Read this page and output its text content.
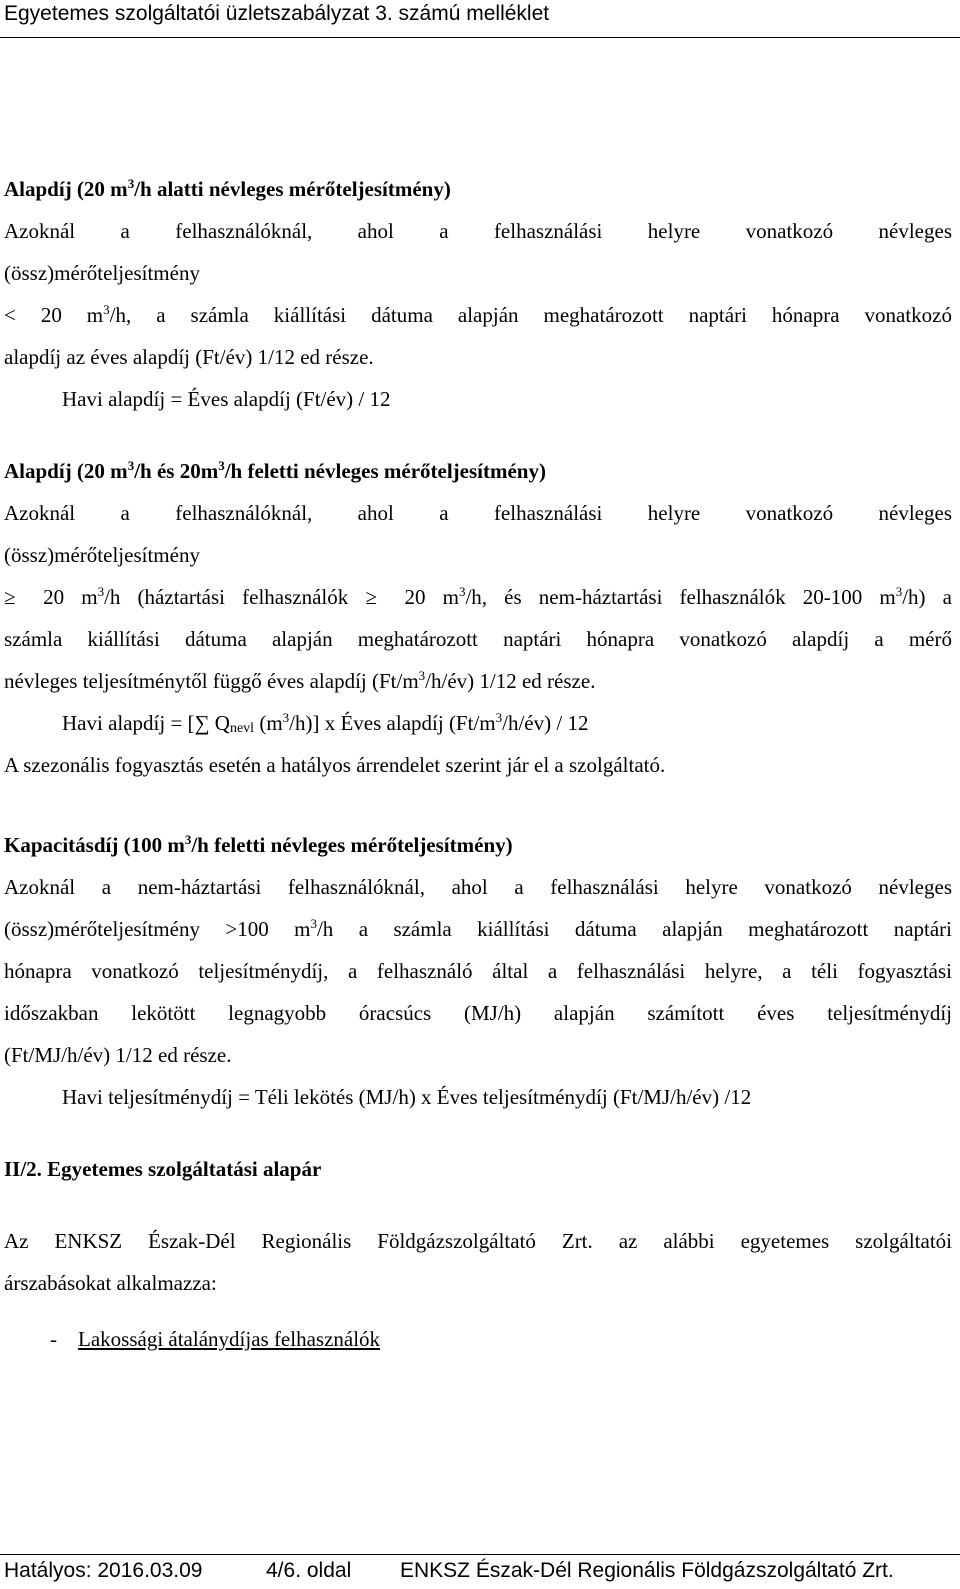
Egyetemes szolgáltatói üzletszabályzat 3. számú melléklet

Alapdíj (20 $m^3/h$ alatti névleges mérőteljesítmény)

Azoknál a felhasználóknál, ahol a felhasználási helyre vonatkozó névleges

(össz)mérőteljesítmény

< 20 $m^3/h$, a számla kiállítási dátuma alapján meghatározott naptári hónapra vonatkozó

alapdíj az éves alapdíj (Ft/év) 1/12 ed része.

Havi alapdíj = Éves alapdíj (Ft/év) / 12

Alapdíj (20 $m^3/h$ és $20m^3/h$ feletti névleges mérőteljesítmény)

Azoknál a felhasználóknál, ahol a felhasználási helyre vonatkozó névleges

(össz)mérőteljesítmény

≥ 20 $m^3/h$ (háztartási felhasználók ≥ 20 $m^3/h$, és nem-háztartási felhasználók 20-100 $m^3/h$) a

számla kiállítási dátuma alapján meghatározott naptári hónapra vonatkozó alapdíj a mérő

névleges teljesítménytől függő éves alapdíj $(Ft/m^3/h/év)$ 1/12 ed része.

Havi alapdíj = [∑ $Q_{nevl}$ $(m^3/h)$] x Éves alapdíj $(Ft/m^3/h/év) / 12$

A szezonális fogyasztás esetén a hatályos árrendelet szerint jár el a szolgáltató.

Kapacitásdíj (100 $m^3/h$ feletti névleges mérőteljesítmény)

Azoknál a nem-háztartási felhasználóknál, ahol a felhasználási helyre vonatkozó névleges

(össz)mérőteljesítmény >100 $m^3/h$ a számla kiállítási dátuma alapján meghatározott naptári

hónapra vonatkozó teljesítménydíj, a felhasználó által a felhasználási helyre, a téli fogyasztási

időszakban lekötött legnagyobb óracsúcs (MJ/h) alapján számított éves teljesítménydíj

(Ft/MJ/h/év) 1/12 ed része.

Havi teljesítménydíj = Téli lekötés (MJ/h) x Éves teljesítménydíj (Ft/MJ/h/év) /12

II/2. Egyetemes szolgáltatási alapár

Az ENKSZ Észak-Dél Regionális Földgázszolgáltató Zrt. az alábbi egyetemes szolgáltatói

árszabásokat alkalmazza:

- Lakossági átalánydíjas felhasználók

Hatályos: 2016.03.09	4/6. oldal ENKSZ Észak-Dél Regionális Földgázszolgáltató Zrt.
